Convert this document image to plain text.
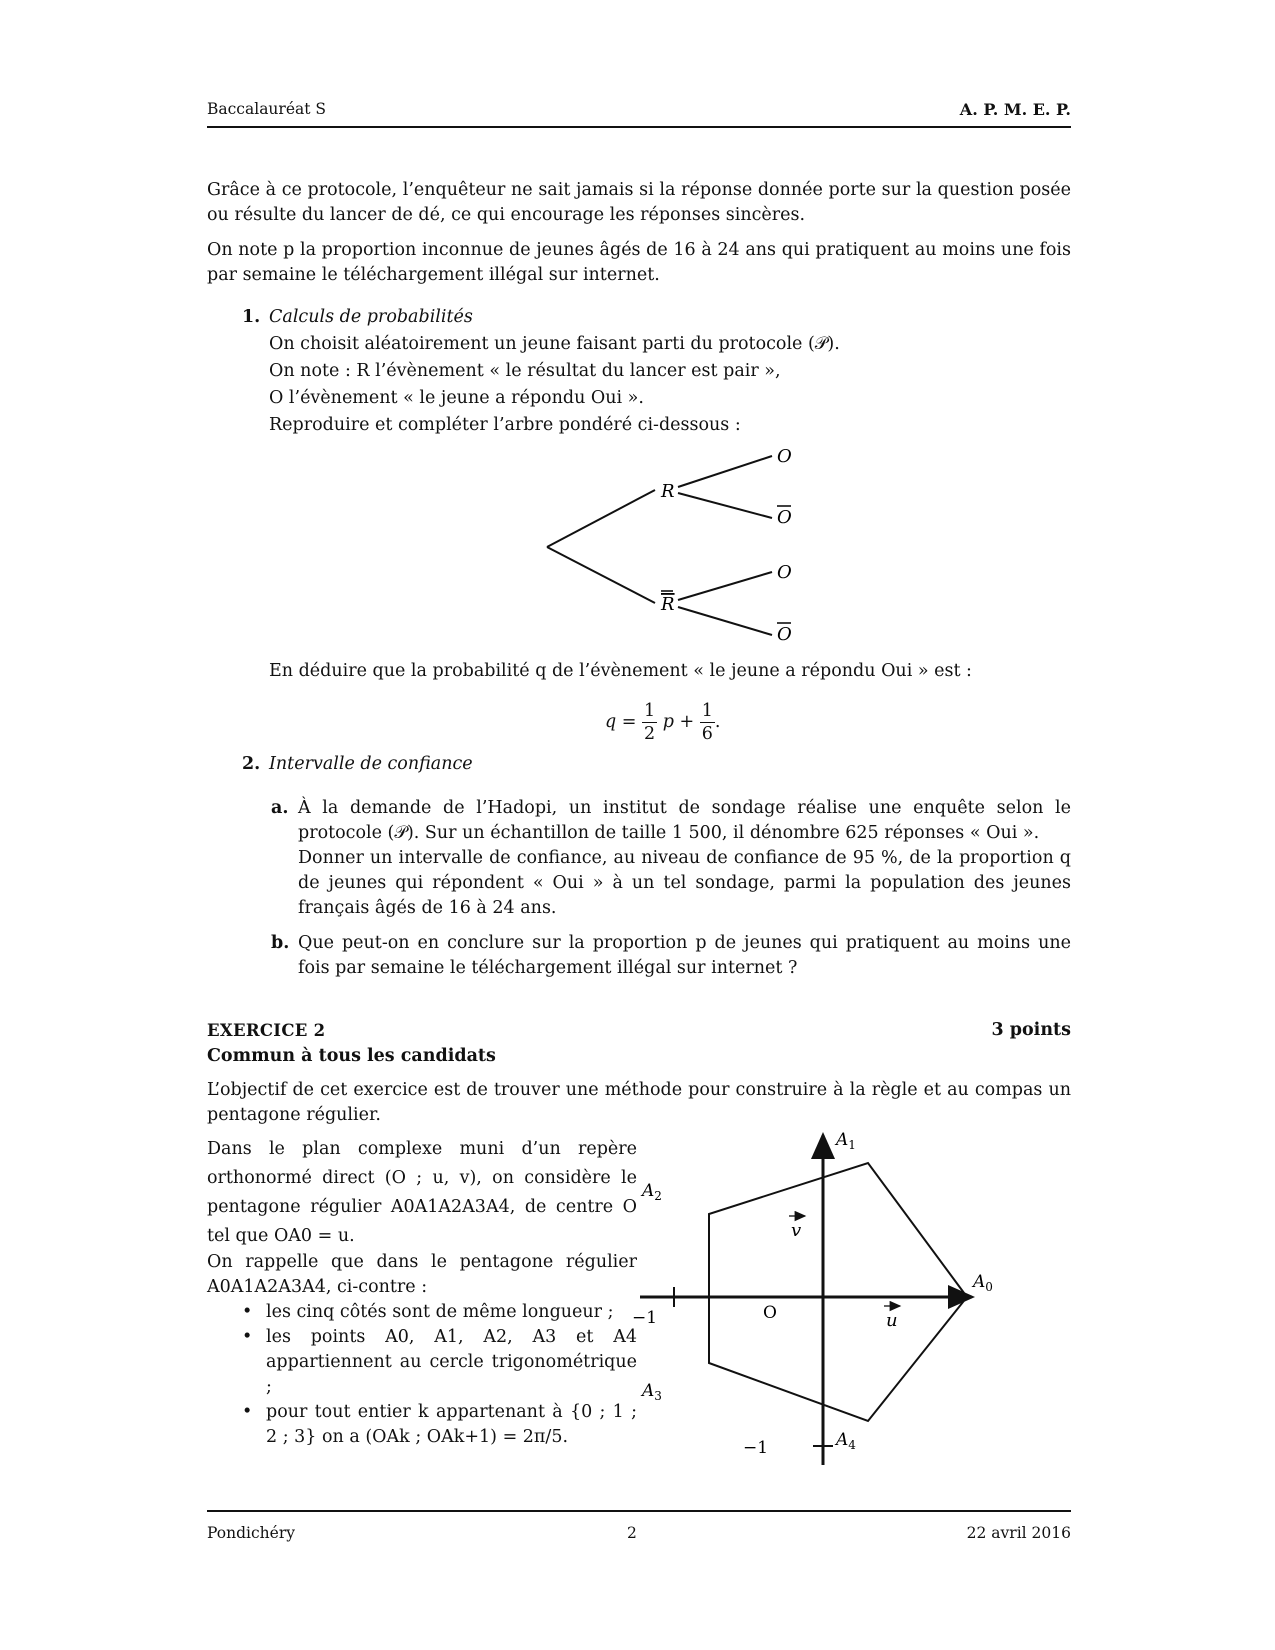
Baccalauréat S	A. P. M. E. P.

Grâce à ce protocole, l’enquêteur ne sait jamais si la réponse donnée porte sur la question posée ou résulte du lancer de dé, ce qui encourage les réponses sincères.

On note p la proportion inconnue de jeunes âgés de 16 à 24 ans qui pratiquent au moins une fois par semaine le téléchargement illégal sur internet.

1. Calculs de probabilités
On choisit aléatoirement un jeune faisant parti du protocole (𝒫).
On note : R l’évènement « le résultat du lancer est pair »,
O l’évènement « le jeune a répondu Oui ».
Reproduire et compléter l’arbre pondéré ci-dessous :
R
R
O
O
O
O
En déduire que la probabilité q de l’évènement « le jeune a répondu Oui » est :
$q = \frac{1}{2}$ $p + \frac{1}{6}$ .
2. Intervalle de confiance
a. À la demande de l’Hadopi, un institut de sondage réalise une enquête selon le protocole (𝒫). Sur un échantillon de taille 1 500, il dénombre 625 réponses « Oui ».

Donner un intervalle de confiance, au niveau de confiance de 95 %, de la proportion q de jeunes qui répondent « Oui » à un tel sondage, parmi la population des jeunes français âgés de 16 à 24 ans.

b. Que peut-on en conclure sur la proportion p de jeunes qui pratiquent au moins une fois par semaine le téléchargement illégal sur internet ?

EXERCICE 2	3 points
Commun à tous les candidats

L’objectif de cet exercice est de trouver une méthode pour construire à la règle et au compas un pentagone régulier.

Dans le plan complexe muni d’un repère orthonormé direct (O ; u, v), on considère le pentagone régulier A0A1A2A3A4, de centre O tel que OA0 = u.

On rappelle que dans le pentagone régulier A0A1A2A3A4, ci-contre :

• les cinq côtés sont de même longueur ;
• les points A0, A1, A2, A3 et A4 appartiennent au cercle trigonométrique ;
• pour tout entier k appartenant à {0 ; 1 ; 2 ; 3} on a (OAk ; OAk+1) = 2π/5.
$A_0$
$A_1$
$A_2$
$A_3$
$A_4$
O	u
v
−1
−1
Pondichéry	2	22 avril 2016
